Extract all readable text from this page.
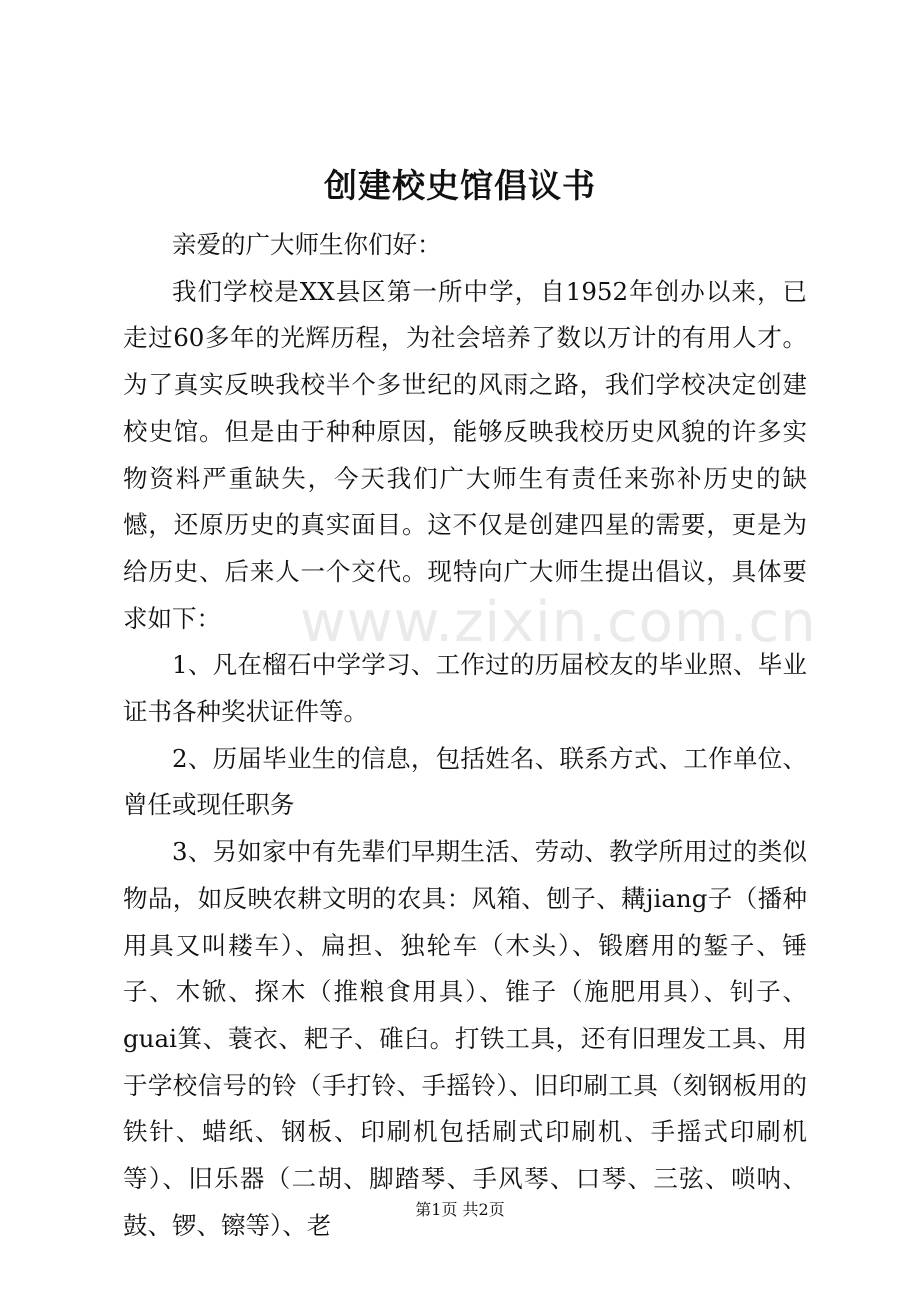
创建校史馆倡议书

亲爱的广大师生你们好：

我们学校是XX县区第一所中学，自1952年创办以来，已走过60多年的光辉历程，为社会培养了数以万计的有用人才。为了真实反映我校半个多世纪的风雨之路，我们学校决定创建校史馆。但是由于种种原因，能够反映我校历史风貌的许多实物资料严重缺失，今天我们广大师生有责任来弥补历史的缺憾，还原历史的真实面目。这不仅是创建四星的需要，更是为给历史、后来人一个交代。现特向广大师生提出倡议，具体要求如下：

1、凡在榴石中学学习、工作过的历届校友的毕业照、毕业证书各种奖状证件等。

2、历届毕业生的信息，包括姓名、联系方式、工作单位、曾任或现任职务

3、另如家中有先辈们早期生活、劳动、教学所用过的类似物品，如反映农耕文明的农具：风箱、刨子、耩jiang子（播种用具又叫耧车）、扁担、独轮车（木头）、锻磨用的錾子、锤子、木锨、探木（推粮食用具）、锥子（施肥用具）、钊子、guai箕、蓑衣、耙子、碓臼。打铁工具，还有旧理发工具、用于学校信号的铃（手打铃、手摇铃）、旧印刷工具（刻钢板用的铁针、蜡纸、钢板、印刷机包括刷式印刷机、手摇式印刷机等）、旧乐器（二胡、脚踏琴、手风琴、口琴、三弦、唢呐、鼓、锣、镲等）、老

www.zixin.com.cn
第1页 共2页
